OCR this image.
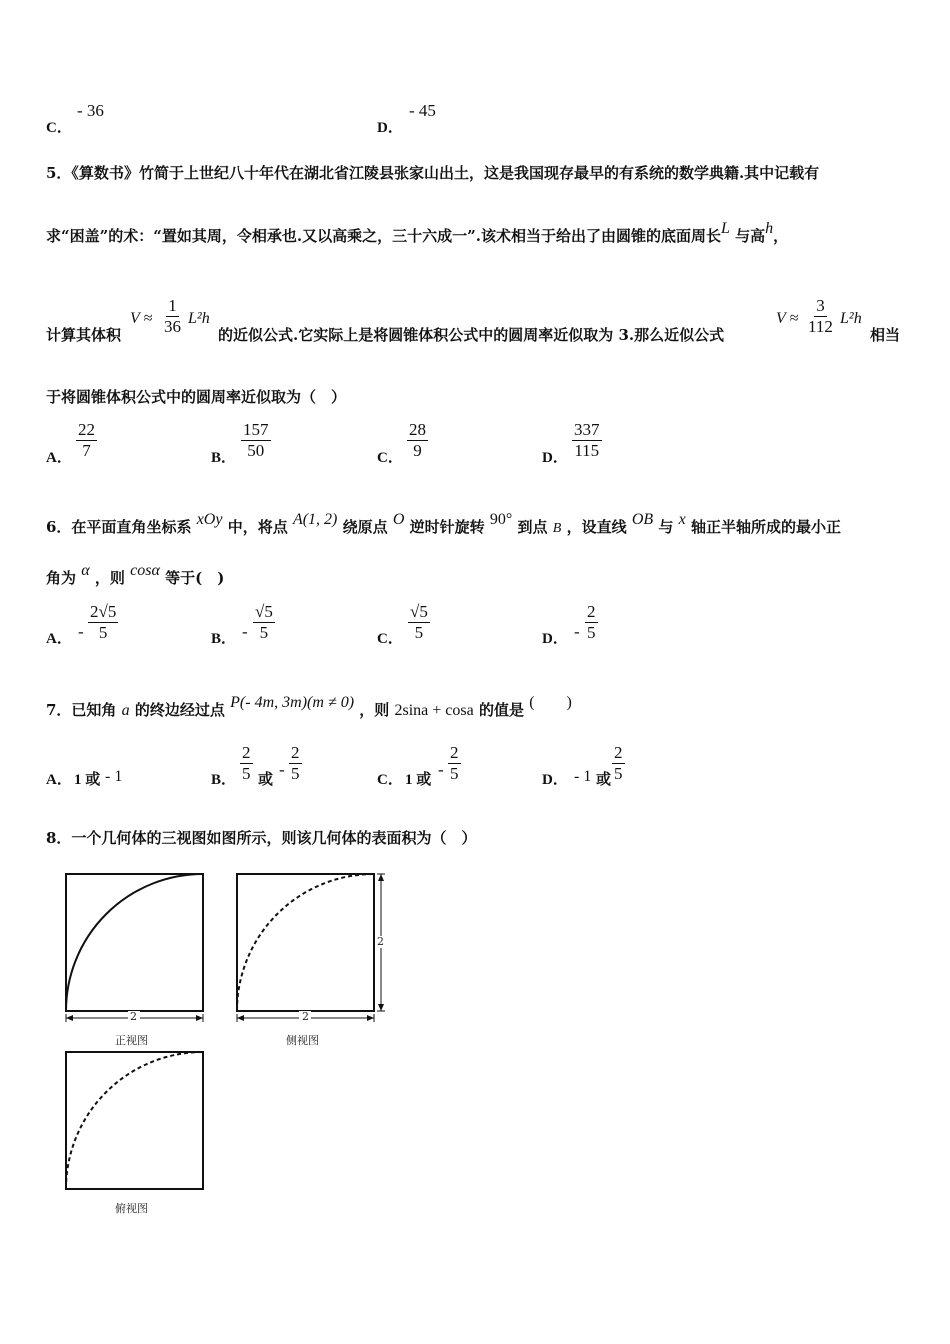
C．
- 36
D．
- 45
5．《算数书》竹简于上世纪八十年代在湖北省江陵县张家山出土，这是我国现存最早的有系统的数学典籍.其中记载有
求“困盖”的术：“置如其周，令相承也.又以高乘之，三十六成一”.该术相当于给出了由圆锥的底面周长L 与高h，
计算其体积
$V \approx \frac{1}{36} L^2h$
的近似公式.它实际上是将圆锥体积公式中的圆周率近似取为 3.那么近似公式
$V \approx \frac{3}{112} L^2h$
相当
于将圆锥体积公式中的圆周率近似取为（　）
A． $\frac{22}{7}$	B． $\frac{157}{50}$	C． $\frac{28}{9}$	D． $\frac{337}{115}$
6．在平面直角坐标系 xOy 中，将点 A(1, 2) 绕原点 O 逆时针旋转 90° 到点 B ，设直线 OB 与 x 轴正半轴所成的最小正
角为 α ，则 cosα 等于(　)
A． - $\frac{2√5}{5}$	B． - $\frac{√5}{5}$	C． $\frac{√5}{5}$	D． - $\frac{2}{5}$
7．已知角 a 的终边经过点 P(- 4m, 3m)(m ≠ 0) ，则 2sina + cosa 的值是 (　　)
A． 1 或 - 1	B． $\frac{2}{5}$ 或
- $\frac{2}{5}$	C． 1 或
- $\frac{2}{5}$	D． - 1 或 $\frac{2}{5}$
8．一个几何体的三视图如图所示，则该几何体的表面积为（　）
2
正视图
2
2
侧视图
俯视图
